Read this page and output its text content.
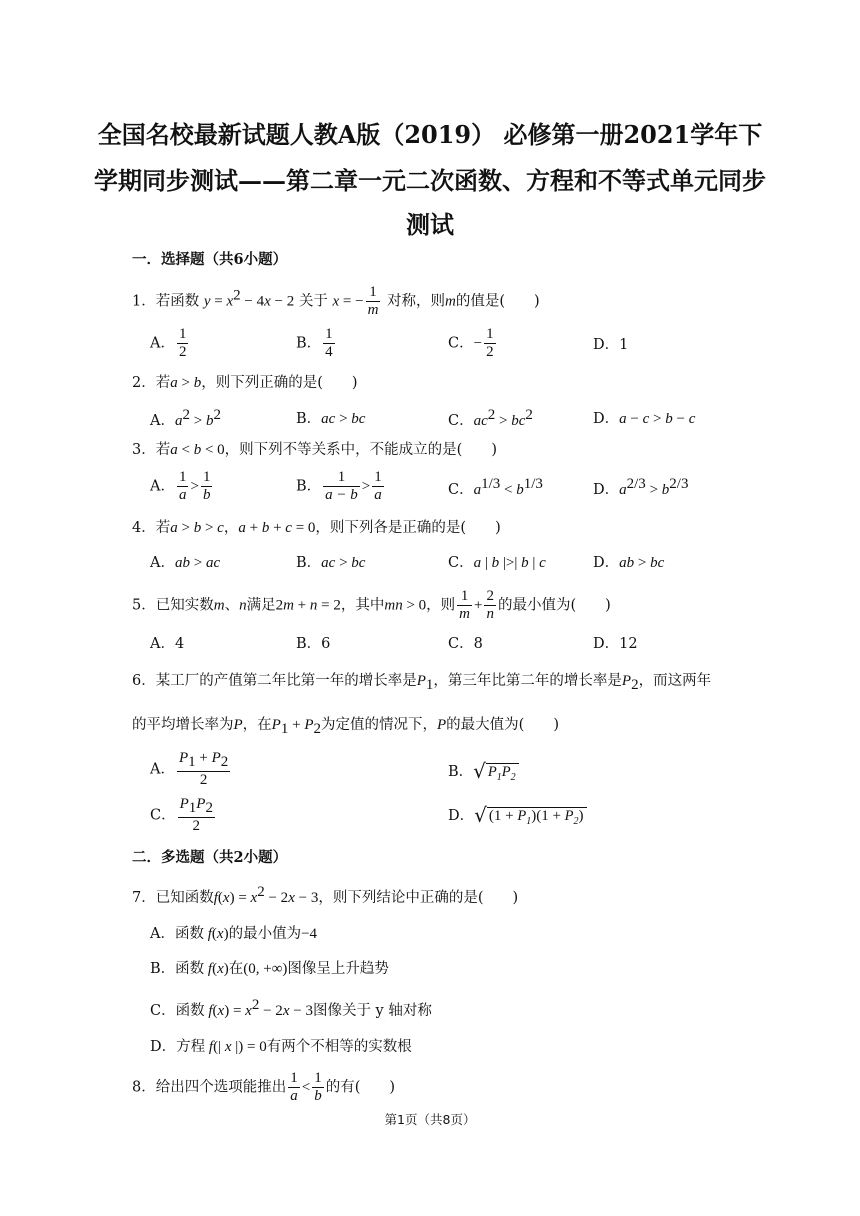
全国名校最新试题人教A版（2019） 必修第一册2021学年下
学期同步测试——第二章一元二次函数、方程和不等式单元同步
测试
一．选择题（共6小题）
1．若函数 $y = x^2 - 4x - 2$ 关于 x = − $\frac{1}{m}$ 对称，则m的值是(　　)
A． $\frac{1}{2}$	B． $\frac{1}{4}$	C．− $\frac{1}{2}$	D．1
2．若a > b，则下列正确的是(　　)
A．$a^2 > b^2$	B．ac > bc	C．$ac^2 > bc^2$	D．a − c > b − c
3．若a < b < 0，则下列不等关系中，不能成立的是(　　)
A． $\frac{1}{a} > \frac{1}{b}$	B． $\frac{1}{a - b} > \frac{1}{a}$	C．$a^{1/3} < b^{1/3}$	D．$a^{2/3} > b^{2/3}$
4．若a > b > c，a + b + c = 0，则下列各是正确的是(　　)
A．ab > ac	B．ac > bc	C．a | b |>| b | c	D．ab > bc
5．已知实数m、n满足2m + n = 2，其中mn > 0，则 $\frac{1}{m} + \frac{2}{n}$ 的最小值为(　　)
A．4	B．6	C．8	D．12
6．某工厂的产值第二年比第一年的增长率是$P_1$，第三年比第二年的增长率是$P_2$，而这两年
的平均增长率为P，在$P_1 + P_2$为定值的情况下，P的最大值为(　　)
A． $\frac{P_1 + P_2}{2}$	B．√ $P_1P_2$
C． $\frac{P_1P_2}{2}$	D．√ $(1 + P_1)(1 + P_2)$
二．多选题（共2小题）
7．已知函数$f(x) = x^2 - 2x - 3$，则下列结论中正确的是(　　)
A．函数 f(x)的最小值为−4
B．函数 f(x)在(0, +∞)图像呈上升趋势
C．函数 $f(x) = x^2 - 2x - 3$图像关于 y 轴对称
D．方程 f(| x |) = 0有两个不相等的实数根
8．给出四个选项能推出 $\frac{1}{a} < \frac{1}{b}$ 的有(　　)
第1页（共8页）
